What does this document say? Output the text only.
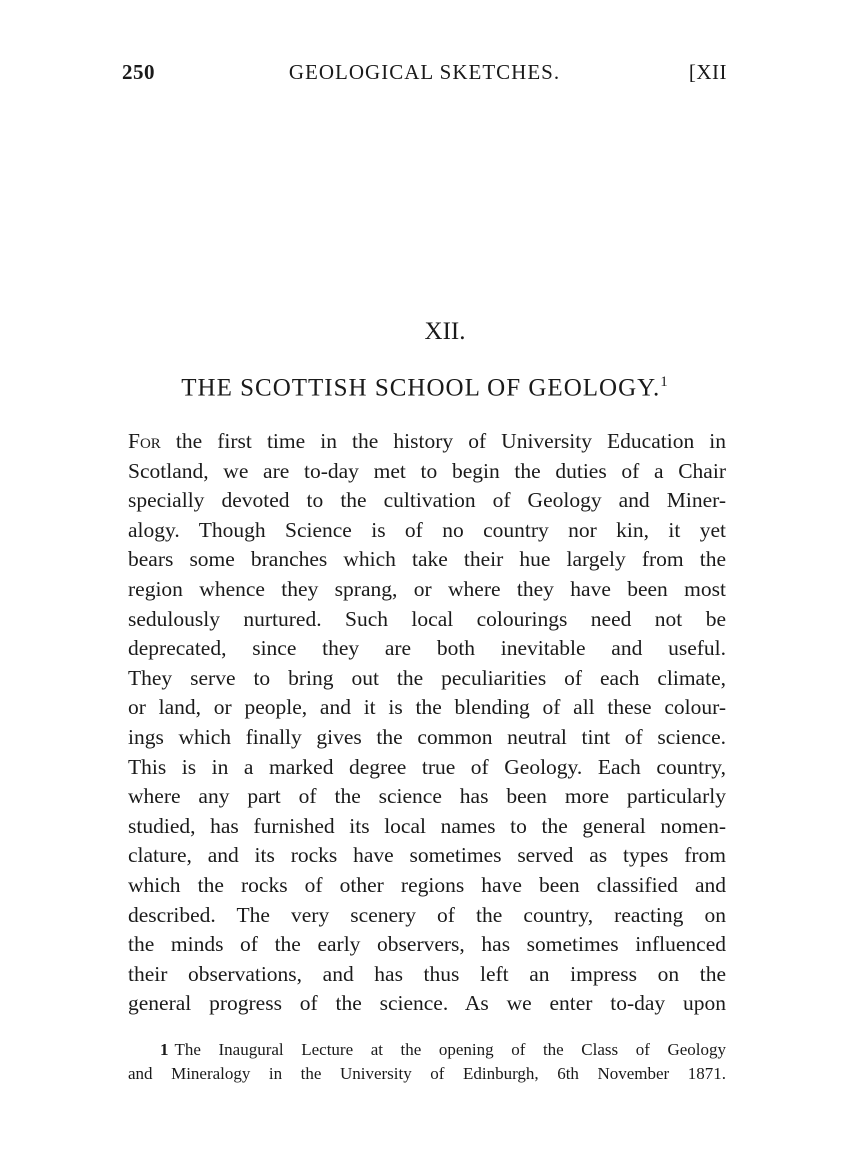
250	GEOLOGICAL SKETCHES.	[XII
XII.
THE SCOTTISH SCHOOL OF GEOLOGY.$^1$
For the first time in the history of University Education in
Scotland, we are to-day met to begin the duties of a Chair
specially devoted to the cultivation of Geology and Miner-
alogy. Though Science is of no country nor kin, it yet
bears some branches which take their hue largely from the
region whence they sprang, or where they have been most
sedulously nurtured. Such local colourings need not be
deprecated, since they are both inevitable and useful.
They serve to bring out the peculiarities of each climate,
or land, or people, and it is the blending of all these colour-
ings which finally gives the common neutral tint of science.
This is in a marked degree true of Geology. Each country,
where any part of the science has been more particularly
studied, has furnished its local names to the general nomen-
clature, and its rocks have sometimes served as types from
which the rocks of other regions have been classified and
described. The very scenery of the country, reacting on
the minds of the early observers, has sometimes influenced
their observations, and has thus left an impress on the
general progress of the science. As we enter to-day upon
1 The Inaugural Lecture at the opening of the Class of Geology
and Mineralogy in the University of Edinburgh, 6th November 1871.
